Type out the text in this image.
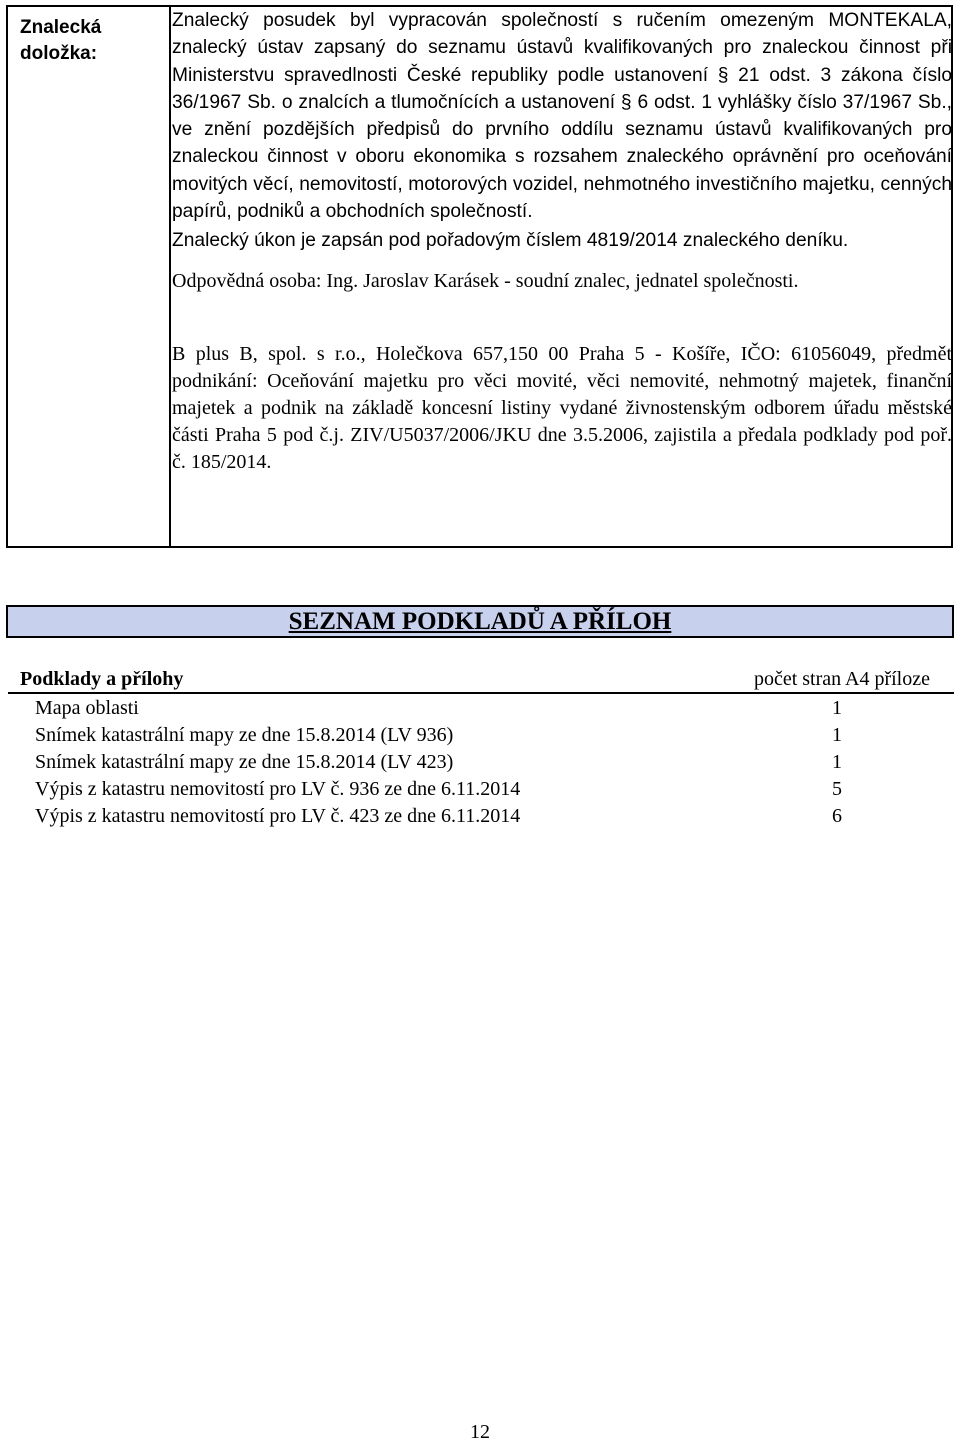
Znalecká
doložka:

Znalecký posudek byl vypracován společností s ručením omezeným MONTEKALA, znalecký ústav zapsaný do seznamu ústavů kvalifikovaných pro znaleckou činnost při Ministerstvu spravedlnosti České republiky podle ustanovení § 21 odst. 3 zákona číslo 36/1967 Sb. o znalcích a tlumočnících a ustanovení § 6 odst. 1 vyhlášky číslo 37/1967 Sb., ve znění pozdějších předpisů do prvního oddílu seznamu ústavů kvalifikovaných pro znaleckou činnost v oboru ekonomika s rozsahem znaleckého oprávnění pro oceňování movitých věcí, nemovitostí, motorových vozidel, nehmotného investičního majetku, cenných papírů, podniků a obchodních společností.

Znalecký úkon je zapsán pod pořadovým číslem 4819/2014 znaleckého deníku.

Odpovědná osoba: Ing. Jaroslav Karásek - soudní znalec, jednatel společnosti.

B plus B, spol. s r.o., Holečkova 657,150 00 Praha 5 - Košíře, IČO: 61056049, předmět podnikání: Oceňování majetku pro věci movité, věci nemovité, nehmotný majetek, finanční majetek a podnik na základě koncesní listiny vydané živnostenským odborem úřadu městské části Praha 5 pod č.j. ZIV/U5037/2006/JKU dne 3.5.2006, zajistila a předala podklady pod poř. č. 185/2014.

SEZNAM PODKLADŮ A PŘÍLOH
Podklady a přílohy	počet stran A4 příloze
Mapa oblasti	1
Snímek katastrální mapy ze dne 15.8.2014 (LV 936)	1
Snímek katastrální mapy ze dne 15.8.2014 (LV 423)	1
Výpis z katastru nemovitostí pro LV č. 936 ze dne 6.11.2014	5
Výpis z katastru nemovitostí pro LV č. 423 ze dne 6.11.2014	6
12
